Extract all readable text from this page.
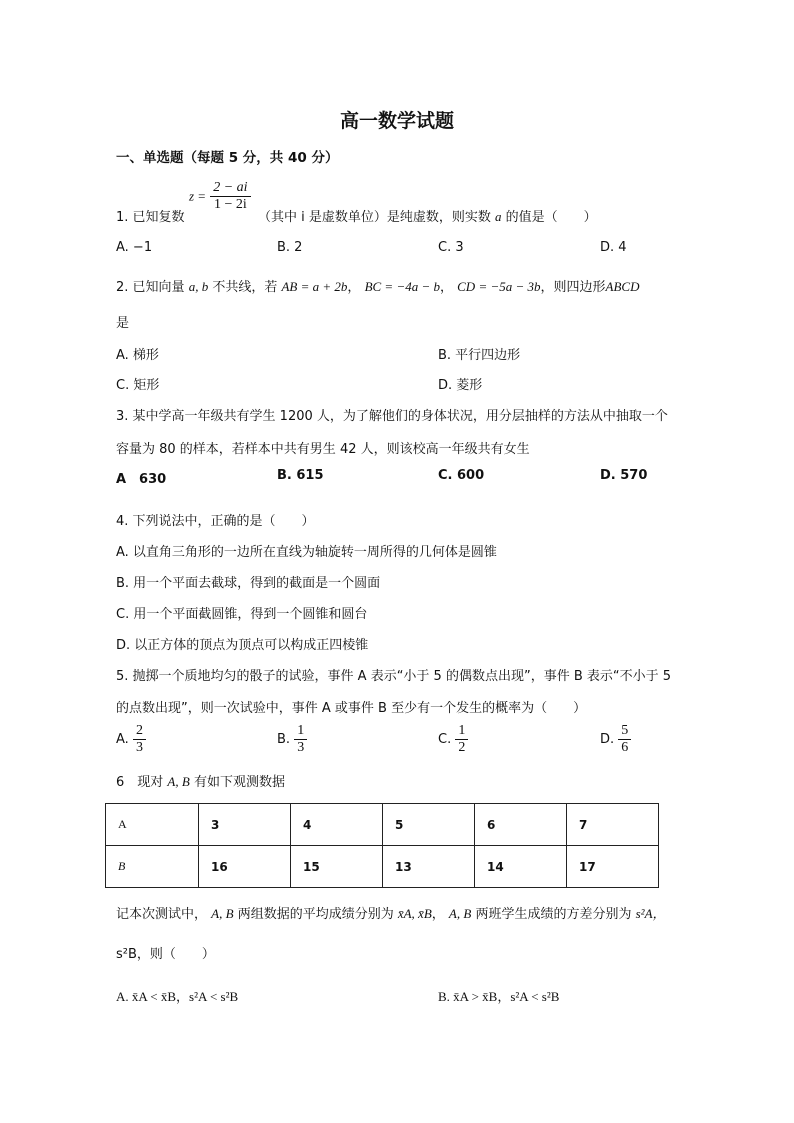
高一数学试题
一、单选题（每题 5 分，共 40 分）
$z = \frac{2 - ai}{1 - 2i}$
1. 已知复数	（其中 i 是虚数单位）是纯虚数，则实数 a 的值是（　　）
A. −1	B. 2	C. 3	D. 4
2. 已知向量 a, b 不共线，若 AB = a + 2b， BC = −4a − b， CD = −5a − 3b，则四边形ABCD
是
A. 梯形	B. 平行四边形
C. 矩形	D. 菱形
3. 某中学高一年级共有学生 1200 人，为了解他们的身体状况，用分层抽样的方法从中抽取一个
容量为 80 的样本，若样本中共有男生 42 人，则该校高一年级共有女生
A　630	B. 615	C. 600	D. 570
4. 下列说法中，正确的是（　　）
A. 以直角三角形的一边所在直线为轴旋转一周所得的几何体是圆锥
B. 用一个平面去截球，得到的截面是一个圆面
C. 用一个平面截圆锥，得到一个圆锥和圆台
D. 以正方体的顶点为顶点可以构成正四棱锥
5. 抛掷一个质地均匀的骰子的试验，事件 A 表示“小于 5 的偶数点出现”，事件 B 表示“不小于 5
的点数出现”，则一次试验中，事件 A 或事件 B 至少有一个发生的概率为（　　）
A. $\frac{2}{3}$	B. $\frac{1}{3}$	C. $\frac{1}{2}$	D. $\frac{5}{6}$
6　现对 A, B 有如下观测数据
A	3	4	5	6	7
B	16	15	13	14	17
记本次测试中， A, B 两组数据的平均成绩分别为 x̄A, x̄B， A, B 两班学生成绩的方差分别为 s²A，
s²B，则（　　）
A. x̄A < x̄B，s²A < s²B	B. x̄A > x̄B，s²A < s²B
